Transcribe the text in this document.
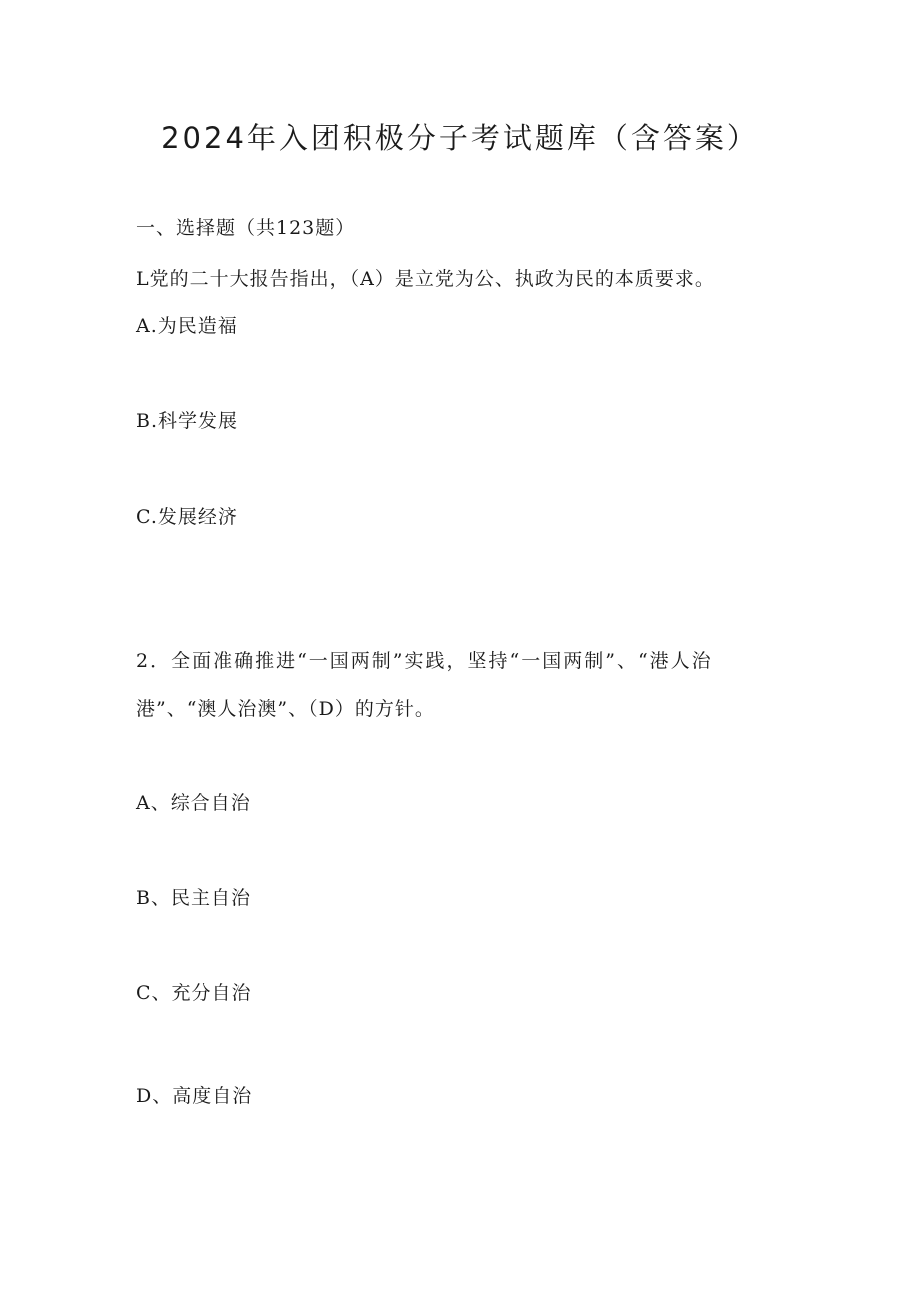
2024年入团积极分子考试题库（含答案）
一、选择题（共123题）
L党的二十大报告指出，（A）是立党为公、执政为民的本质要求。
A.为民造福
B.科学发展
C.发展经济
2．全面准确推进“一国两制”实践，坚持“一国两制”、“港人治
港”、“澳人治澳”、（D）的方针。
A、综合自治
B、民主自治
C、充分自治
D、高度自治
